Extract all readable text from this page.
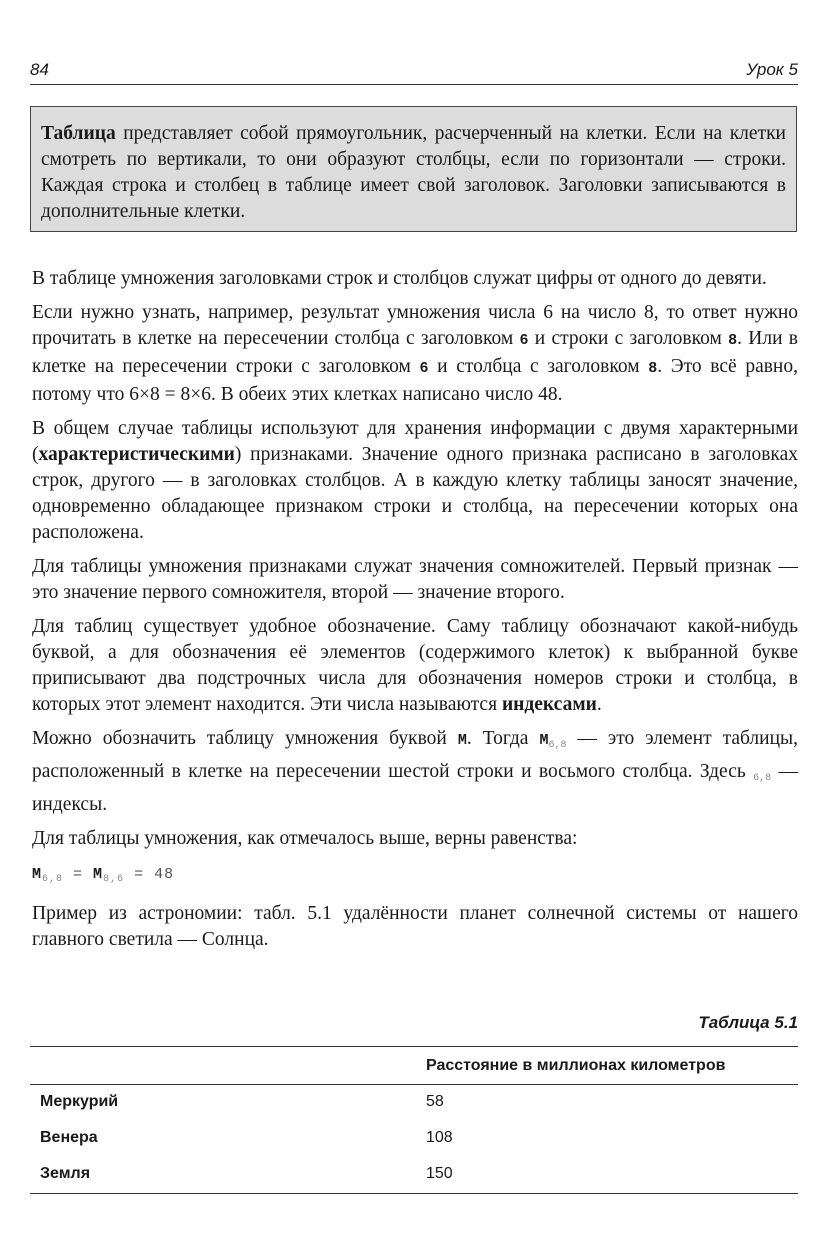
84	Урок 5
Таблица представляет собой прямоугольник, расчерченный на клетки. Если на клетки смотреть по вертикали, то они образуют столбцы, если по горизонтали — строки. Каждая строка и столбец в таблице имеет свой заголовок. Заголовки записываются в дополнительные клетки.

В таблице умножения заголовками строк и столбцов служат цифры от одного до девяти.

Если нужно узнать, например, результат умножения числа 6 на число 8, то ответ нужно прочитать в клетке на пересечении столбца с заголовком 6 и строки с заголовком 8. Или в клетке на пересечении строки с заголовком 6 и столбца с заголовком 8. Это всё равно, потому что 6×8 = 8×6. В обеих этих клетках написано число 48.

В общем случае таблицы используют для хранения информации с двумя характерными (характеристическими) признаками. Значение одного признака расписано в заголовках строк, другого — в заголовках столбцов. А в каждую клетку таблицы заносят значение, одновременно обладающее признаком строки и столбца, на пересечении которых она расположена.

Для таблицы умножения признаками служат значения сомножителей. Первый признак — это значение первого сомножителя, второй — значение второго.

Для таблиц существует удобное обозначение. Саму таблицу обозначают какой-нибудь буквой, а для обозначения её элементов (содержимого клеток) к выбранной букве приписывают два подстрочных числа для обозначения номеров строки и столбца, в которых этот элемент находится. Эти числа называются индексами.

Можно обозначить таблицу умножения буквой M. Тогда $M_{6,8}$ — это элемент таблицы, расположенный в клетке на пересечении шестой строки и восьмого столбца. Здесь $_{6,8}$ — индексы.

Для таблицы умножения, как отмечалось выше, верны равенства:

$M_{6,8} = M_{8,6} = 48$

Пример из астрономии: табл. 5.1 удалённости планет солнечной системы от нашего главного светила — Солнца.

Таблица 5.1
	Расстояние в миллионах километров
Меркурий	58
Венера	108
Земля	150
